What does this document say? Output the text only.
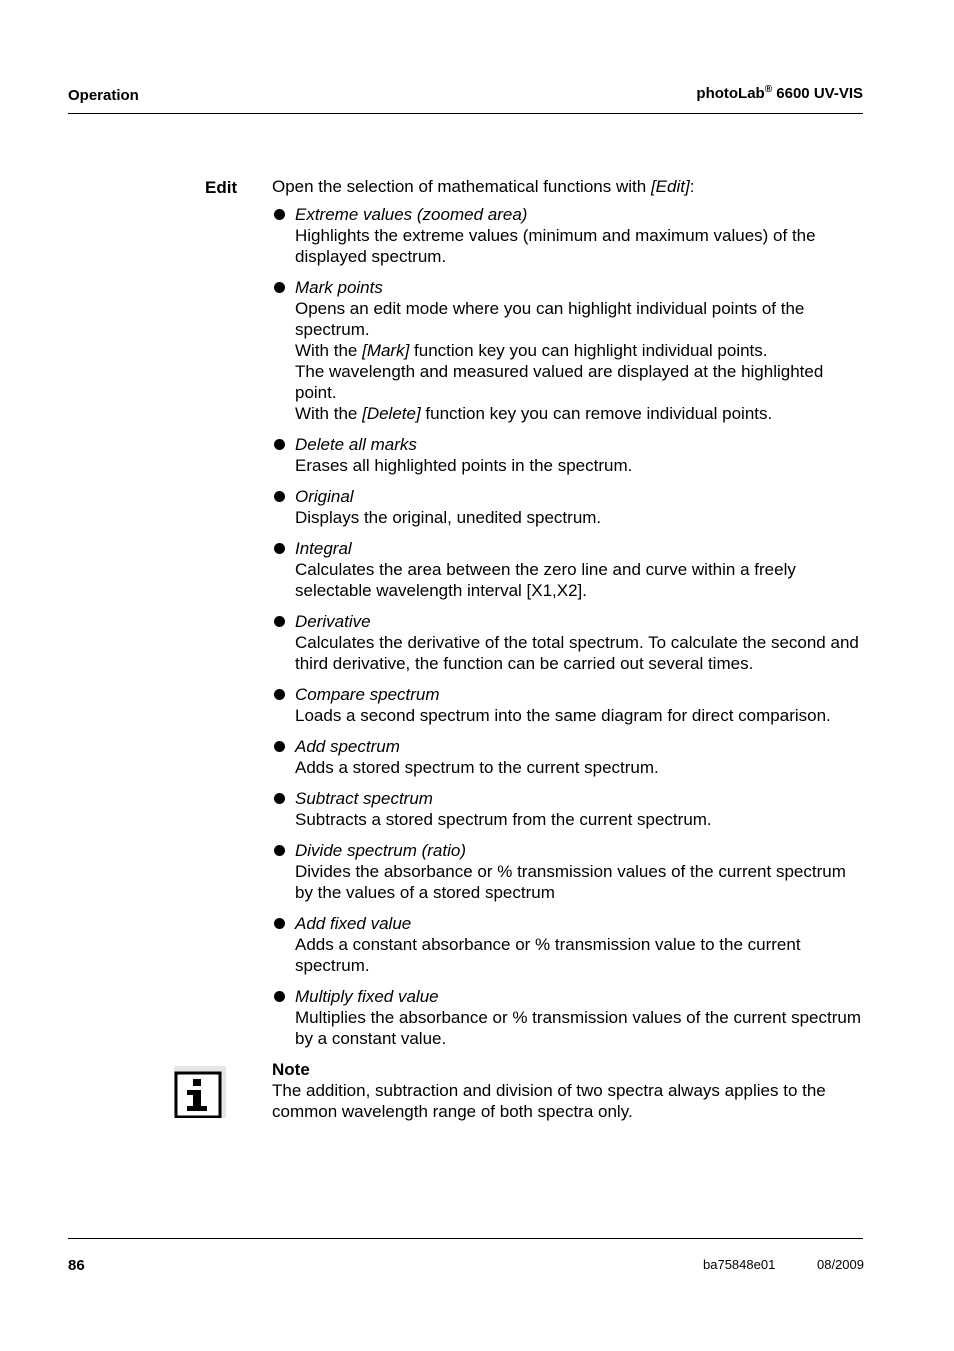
Operation	photoLab® 6600 UV-VIS
Edit Open the selection of mathematical functions with [Edit]:

Extreme values (zoomed area)
Highlights the extreme values (minimum and maximum values) of the displayed spectrum.
Mark points
Opens an edit mode where you can highlight individual points of the spectrum.
With the [Mark] function key you can highlight individual points.
The wavelength and measured valued are displayed at the highlighted point.
With the [Delete] function key you can remove individual points.
Delete all marks
Erases all highlighted points in the spectrum.
Original
Displays the original, unedited spectrum.
Integral
Calculates the area between the zero line and curve within a freely selectable wavelength interval [X1,X2].
Derivative
Calculates the derivative of the total spectrum. To calculate the second and third derivative, the function can be carried out several times.
Compare spectrum
Loads a second spectrum into the same diagram for direct comparison.
Add spectrum
Adds a stored spectrum to the current spectrum.
Subtract spectrum
Subtracts a stored spectrum from the current spectrum.
Divide spectrum (ratio)
Divides the absorbance or % transmission values of the current spectrum by the values of a stored spectrum
Add fixed value
Adds a constant absorbance or % transmission value to the current spectrum.
Multiply fixed value
Multiplies the absorbance or % transmission values of the current spectrum by a constant value.
Note
The addition, subtraction and division of two spectra always applies to the common wavelength range of both spectra only.
86	ba75848e01	08/2009
